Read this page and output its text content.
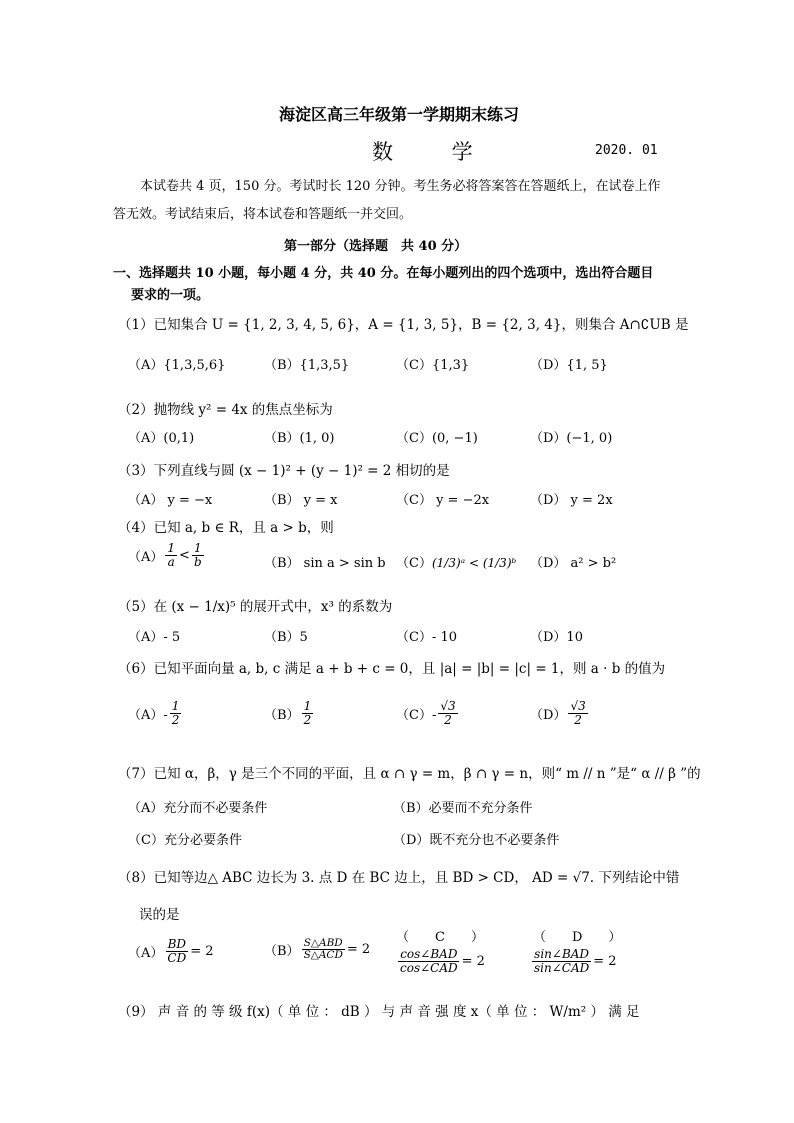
海淀区高三年级第一学期期末练习
数 学	2020. 01
本试卷共 4 页，150 分。考试时长 120 分钟。考生务必将答案答在答题纸上，在试卷上作
答无效。考试结束后，将本试卷和答题纸一并交回。
第一部分（选择题　共 40 分）
一、选择题共 10 小题，每小题 4 分，共 40 分。在每小题列出的四个选项中，选出符合题目
要求的一项。
（1）已知集合 U = {1, 2, 3, 4, 5, 6}，A = {1, 3, 5}，B = {2, 3, 4}，则集合 A∩∁UB 是
（A）{1,3,5,6}	（B）{1,3,5}	（C）{1,3}	（D）{1, 5}
（2）抛物线 y² = 4x 的焦点坐标为
（A）(0,1)	（B）(1, 0)	（C）(0, −1)	（D）(−1, 0)
（3）下列直线与圆 (x − 1)² + (y − 1)² = 2 相切的是
（A） y = −x	（B） y = x	（C） y = −2x	（D） y = 2x
（4）已知 a, b ∈ R，且 a > b，则
$(A) \frac{1}{a} < \frac{1}{b}$	（B） sin a > sin b （C）(1/3)ᵃ < (1/3)ᵇ （D） a² > b²
（5）在 (x − 1/x)⁵ 的展开式中，x³ 的系数为
（A）- 5	（B）5	（C）- 10	（D）10
（6）已知平面向量 a, b, c 满足 a + b + c = 0，且 |a| = |b| = |c| = 1，则 a · b 的值为
$(A)- \frac{1}{2}$	$(B) \frac{1}{2}$	$(C)- \frac{√3}{2}$	$(D) \frac{√3}{2}$
（7）已知 α，β，γ 是三个不同的平面，且 α ∩ γ = m，β ∩ γ = n，则“ m // n ”是“ α // β ”的
（A）充分而不必要条件	（B）必要而不充分条件
（C）充分必要条件	（D）既不充分也不必要条件
（8）已知等边△ ABC 边长为 3. 点 D 在 BC 边上，且 BD > CD， AD = √7. 下列结论中错
误的是
$(A) \frac{BD}{CD} = 2$	$(B) \frac{\text{S△ABD}}{\text{S△ACD}} = 2$
（　　C　　）
$\frac{\text{cos∠BAD}}{\text{cos∠CAD}} = 2$
（　　D　　）
$\frac{\text{sin∠BAD}}{\text{sin∠CAD}} = 2$
（9） 声 音 的 等 级 f(x)（ 单 位 ： dB ） 与 声 音 强 度 x（ 单 位 ： W/m² ） 满 足
